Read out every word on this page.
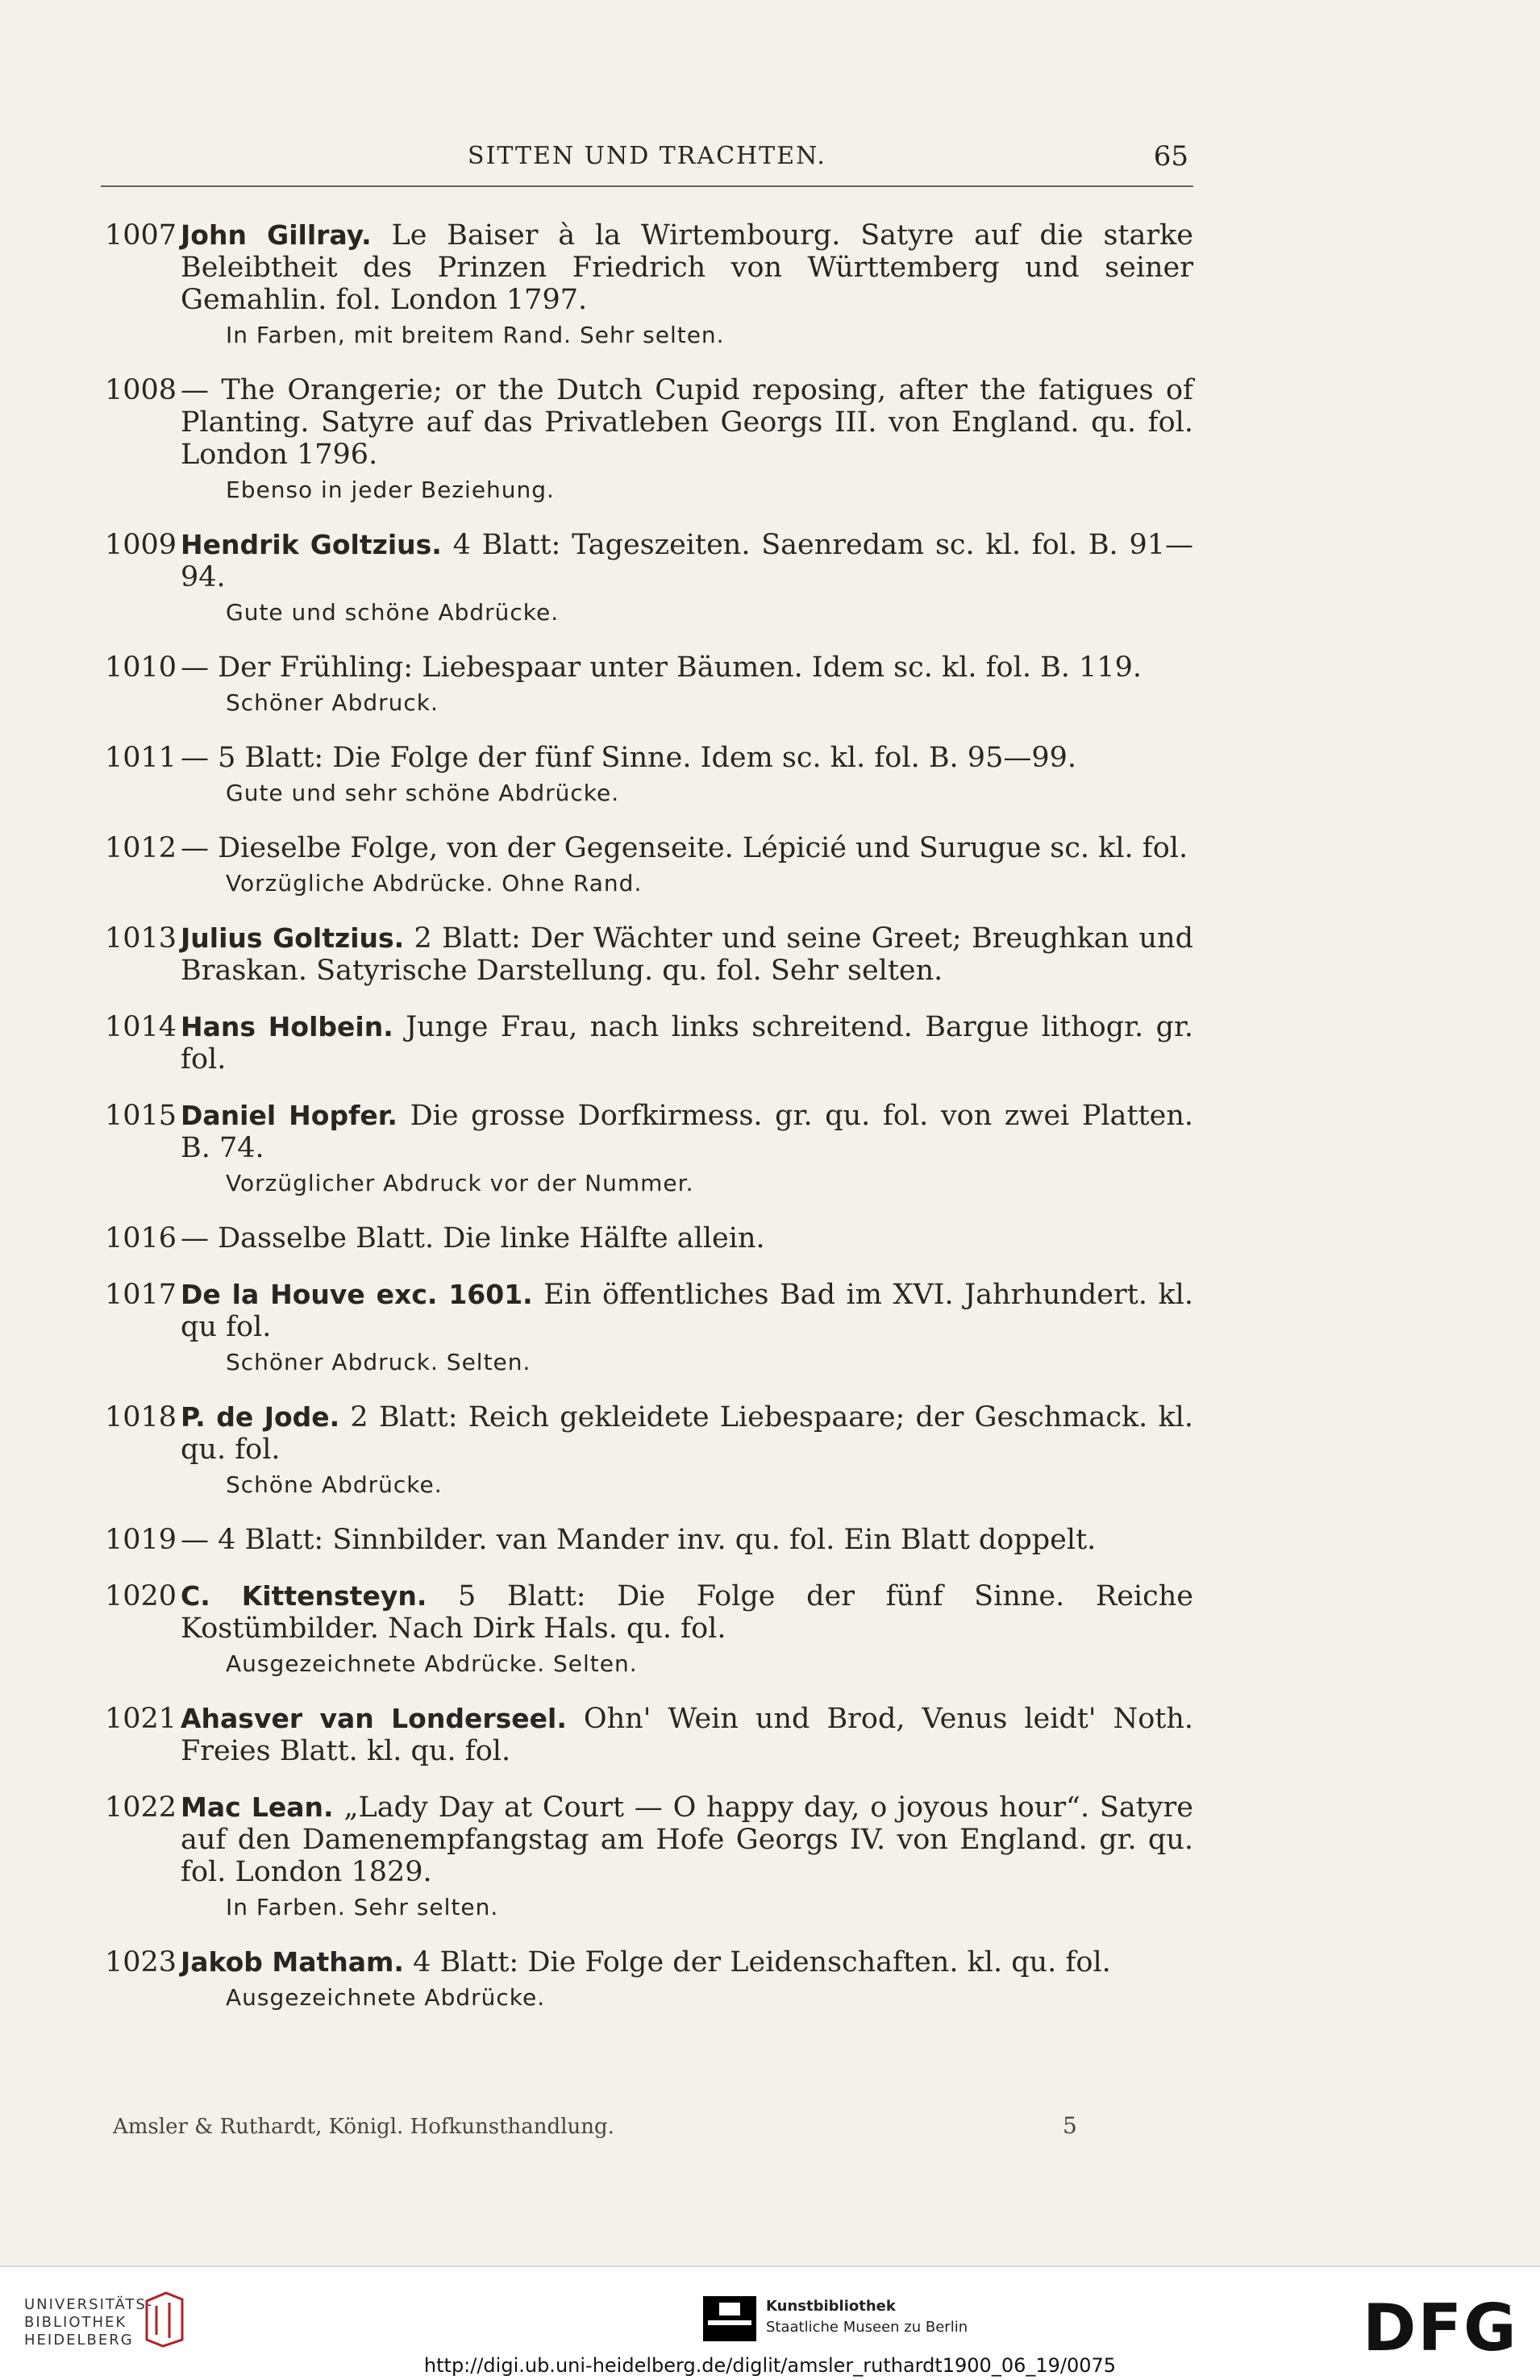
SITTEN UND TRACHTEN.	65
1007 John Gillray. Le Baiser à la Wirtembourg. Satyre auf die starke Beleibtheit des Prinzen Friedrich von Württemberg und seiner Gemahlin. fol. London 1797.
In Farben, mit breitem Rand. Sehr selten.
1008 — The Orangerie; or the Dutch Cupid reposing, after the fatigues of Planting. Satyre auf das Privatleben Georgs III. von England. qu. fol. London 1796.
Ebenso in jeder Beziehung.
1009 Hendrik Goltzius. 4 Blatt: Tageszeiten. Saenredam sc. kl. fol. B. 91—94.
Gute und schöne Abdrücke.
1010 — Der Frühling: Liebespaar unter Bäumen. Idem sc. kl. fol. B. 119.
Schöner Abdruck.
1011 — 5 Blatt: Die Folge der fünf Sinne. Idem sc. kl. fol. B. 95—99.
Gute und sehr schöne Abdrücke.
1012 — Dieselbe Folge, von der Gegenseite. Lépicié und Surugue sc. kl. fol.
Vorzügliche Abdrücke. Ohne Rand.
1013 Julius Goltzius. 2 Blatt: Der Wächter und seine Greet; Breughkan und Braskan. Satyrische Darstellung. qu. fol. Sehr selten.
1014 Hans Holbein. Junge Frau, nach links schreitend. Bargue lithogr. gr. fol.
1015 Daniel Hopfer. Die grosse Dorfkirmess. gr. qu. fol. von zwei Platten. B. 74.
Vorzüglicher Abdruck vor der Nummer.
1016 — Dasselbe Blatt. Die linke Hälfte allein.
1017 De la Houve exc. 1601. Ein öffentliches Bad im XVI. Jahrhundert. kl. qu fol.
Schöner Abdruck. Selten.
1018 P. de Jode. 2 Blatt: Reich gekleidete Liebespaare; der Geschmack. kl. qu. fol.
Schöne Abdrücke.
1019 — 4 Blatt: Sinnbilder. van Mander inv. qu. fol. Ein Blatt doppelt.
1020 C. Kittensteyn. 5 Blatt: Die Folge der fünf Sinne. Reiche Kostümbilder. Nach Dirk Hals. qu. fol.
Ausgezeichnete Abdrücke. Selten.
1021 Ahasver van Londerseel. Ohn' Wein und Brod, Venus leidt' Noth. Freies Blatt. kl. qu. fol.
1022 Mac Lean. „Lady Day at Court — O happy day, o joyous hour“. Satyre auf den Damenempfangstag am Hofe Georgs IV. von England. gr. qu. fol. London 1829.
In Farben. Sehr selten.
1023 Jakob Matham. 4 Blatt: Die Folge der Leidenschaften. kl. qu. fol.
Ausgezeichnete Abdrücke.
Amsler & Ruthardt, Königl. Hofkunsthandlung.	5
UNIVERSITÄTS-
BIBLIOTHEK
HEIDELBERG
Kunstbibliothek
Staatliche Museen zu Berlin	DFG
http://digi.ub.uni-heidelberg.de/diglit/amsler_ruthardt1900_06_19/0075
